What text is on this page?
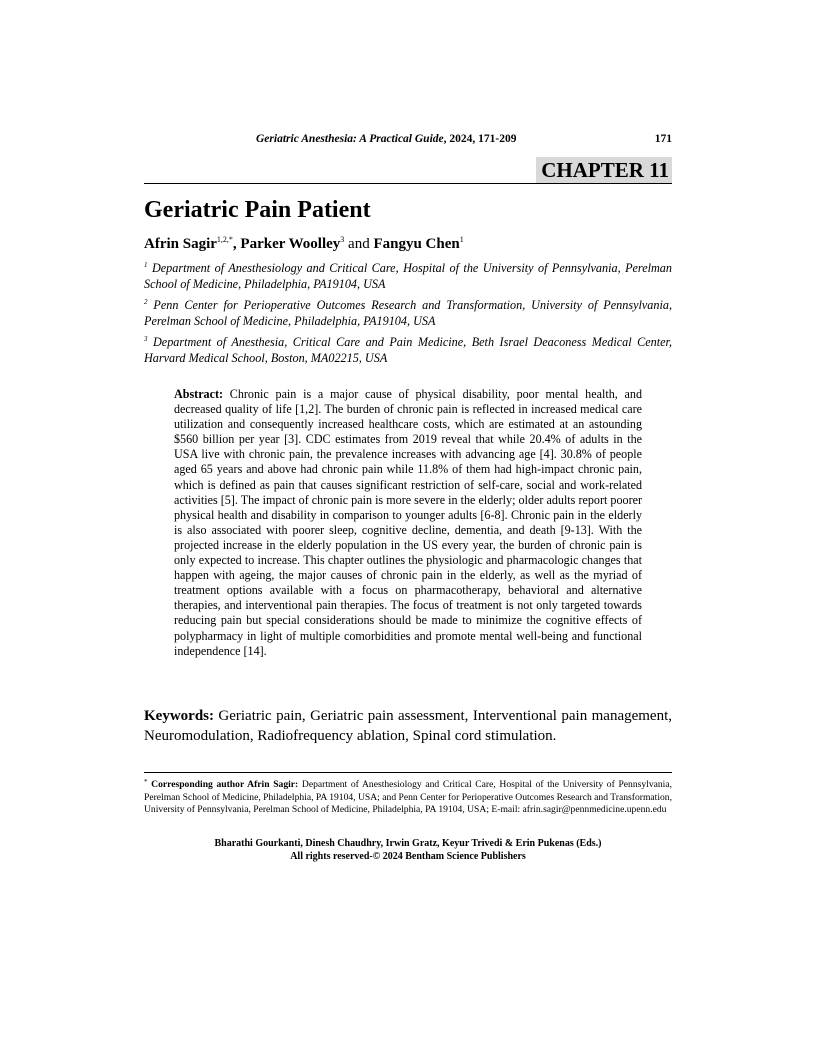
Geriatric Anesthesia: A Practical Guide, 2024, 171-209	171
CHAPTER 11
Geriatric Pain Patient
Afrin Sagir$^{1,2,*}$, Parker Woolley$^3$ and Fangyu Chen$^1$

$^1$ Department of Anesthesiology and Critical Care, Hospital of the University of Pennsylvania, Perelman School of Medicine, Philadelphia, PA19104, USA

$^2$ Penn Center for Perioperative Outcomes Research and Transformation, University of Pennsylvania, Perelman School of Medicine, Philadelphia, PA19104, USA

$^3$ Department of Anesthesia, Critical Care and Pain Medicine, Beth Israel Deaconess Medical Center, Harvard Medical School, Boston, MA02215, USA

Abstract: Chronic pain is a major cause of physical disability, poor mental health, and decreased quality of life [1,2]. The burden of chronic pain is reflected in increased medical care utilization and consequently increased healthcare costs, which are estimated at an astounding $560 billion per year [3]. CDC estimates from 2019 reveal that while 20.4% of adults in the USA live with chronic pain, the prevalence increases with advancing age [4]. 30.8% of people aged 65 years and above had chronic pain while 11.8% of them had high-impact chronic pain, which is defined as pain that causes significant restriction of self-care, social and work-related activities [5]. The impact of chronic pain is more severe in the elderly; older adults report poorer physical health and disability in comparison to younger adults [6-8]. Chronic pain in the elderly is also associated with poorer sleep, cognitive decline, dementia, and death [9-13]. With the projected increase in the elderly population in the US every year, the burden of chronic pain is only expected to increase. This chapter outlines the physiologic and pharmacologic changes that happen with ageing, the major causes of chronic pain in the elderly, as well as the myriad of treatment options available with a focus on pharmacotherapy, behavioral and alternative therapies, and interventional pain therapies. The focus of treatment is not only targeted towards reducing pain but special considerations should be made to minimize the cognitive effects of polypharmacy in light of multiple comorbidities and promote mental well-being and functional independence [14].

Keywords: Geriatric pain, Geriatric pain assessment, Interventional pain management, Neuromodulation, Radiofrequency ablation, Spinal cord stimulation.

* Corresponding author Afrin Sagir: Department of Anesthesiology and Critical Care, Hospital of the University of Pennsylvania, Perelman School of Medicine, Philadelphia, PA 19104, USA; and Penn Center for Perioperative Outcomes Research and Transformation, University of Pennsylvania, Perelman School of Medicine, Philadelphia, PA 19104, USA; E-mail: afrin.sagir@pennmedicine.upenn.edu

Bharathi Gourkanti, Dinesh Chaudhry, Irwin Gratz, Keyur Trivedi & Erin Pukenas (Eds.)
All rights reserved-© 2024 Bentham Science Publishers
